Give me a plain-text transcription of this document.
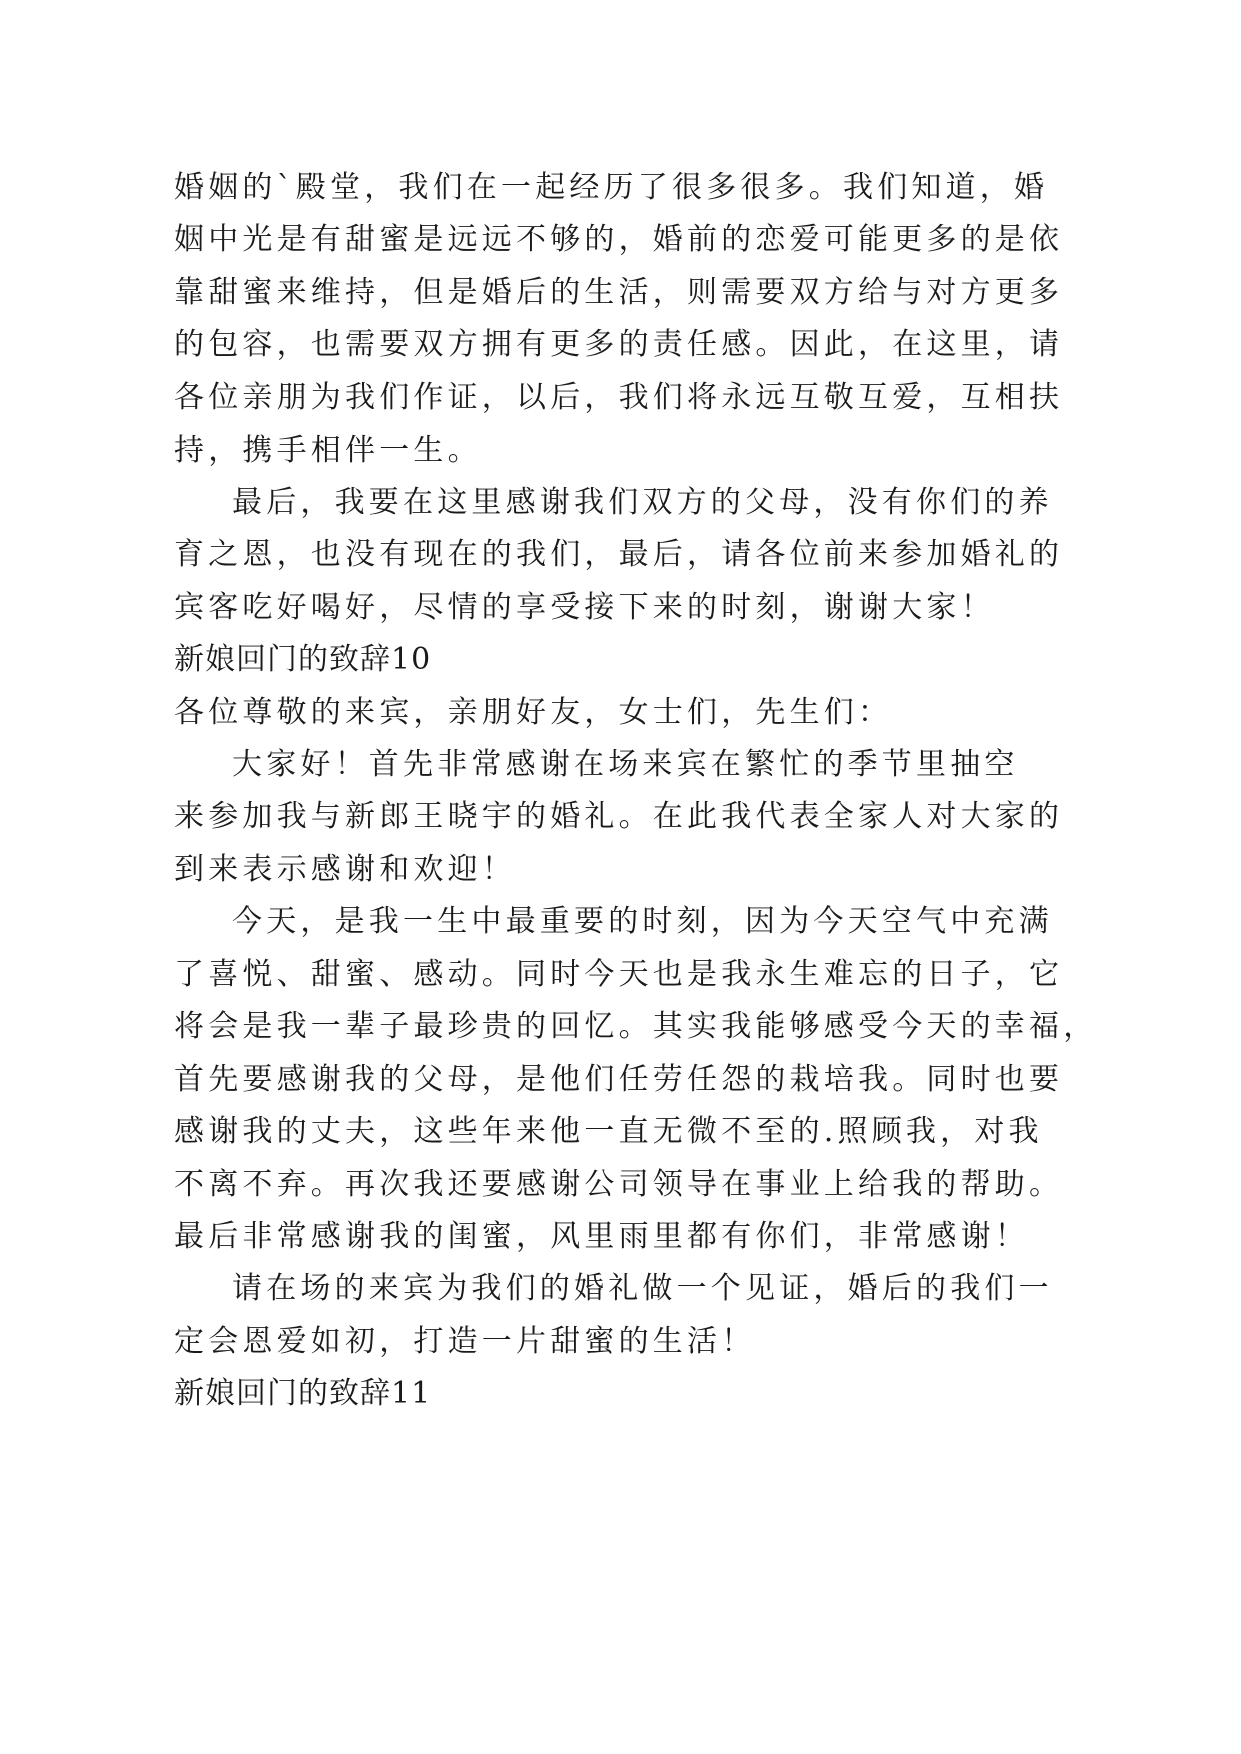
婚姻的`殿堂，我们在一起经历了很多很多。我们知道，婚
姻中光是有甜蜜是远远不够的，婚前的恋爱可能更多的是依
靠甜蜜来维持，但是婚后的生活，则需要双方给与对方更多
的包容，也需要双方拥有更多的责任感。因此，在这里，请
各位亲朋为我们作证，以后，我们将永远互敬互爱，互相扶
持，携手相伴一生。
最后，我要在这里感谢我们双方的父母，没有你们的养
育之恩，也没有现在的我们，最后，请各位前来参加婚礼的
宾客吃好喝好，尽情的享受接下来的时刻，谢谢大家！
新娘回门的致辞10
各位尊敬的来宾，亲朋好友，女士们，先生们：
大家好！首先非常感谢在场来宾在繁忙的季节里抽空
来参加我与新郎王晓宇的婚礼。在此我代表全家人对大家的
到来表示感谢和欢迎！
今天，是我一生中最重要的时刻，因为今天空气中充满
了喜悦、甜蜜、感动。同时今天也是我永生难忘的日子，它
将会是我一辈子最珍贵的回忆。其实我能够感受今天的幸福，
首先要感谢我的父母，是他们任劳任怨的栽培我。同时也要
感谢我的丈夫，这些年来他一直无微不至的.照顾我，对我
不离不弃。再次我还要感谢公司领导在事业上给我的帮助。
最后非常感谢我的闺蜜，风里雨里都有你们，非常感谢！
请在场的来宾为我们的婚礼做一个见证，婚后的我们一
定会恩爱如初，打造一片甜蜜的生活！
新娘回门的致辞11
